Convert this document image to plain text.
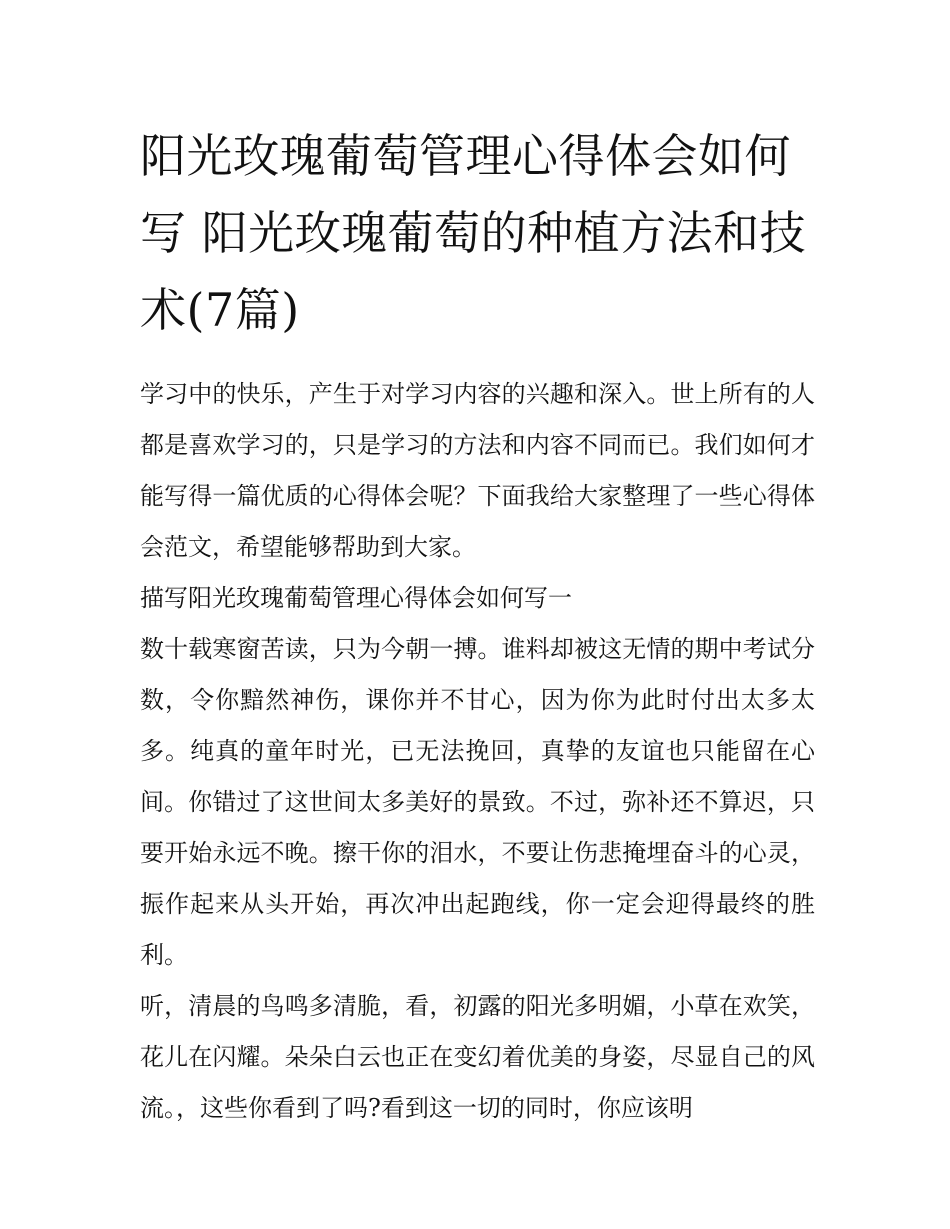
阳光玫瑰葡萄管理心得体会如何写 阳光玫瑰葡萄的种植方法和技术(7篇)

学习中的快乐，产生于对学习内容的兴趣和深入。世上所有的人都是喜欢学习的，只是学习的方法和内容不同而已。我们如何才能写得一篇优质的心得体会呢？下面我给大家整理了一些心得体会范文，希望能够帮助到大家。

描写阳光玫瑰葡萄管理心得体会如何写一

数十载寒窗苦读，只为今朝一搏。谁料却被这无情的期中考试分数，令你黯然神伤，课你并不甘心，因为你为此时付出太多太多。纯真的童年时光，已无法挽回，真挚的友谊也只能留在心间。你错过了这世间太多美好的景致。不过，弥补还不算迟，只要开始永远不晚。擦干你的泪水，不要让伤悲掩埋奋斗的心灵，振作起来从头开始，再次冲出起跑线，你一定会迎得最终的胜利。

听，清晨的鸟鸣多清脆，看，初露的阳光多明媚，小草在欢笑，花儿在闪耀。朵朵白云也正在变幻着优美的身姿，尽显自己的风流。，这些你看到了吗?看到这一切的同时，你应该明
